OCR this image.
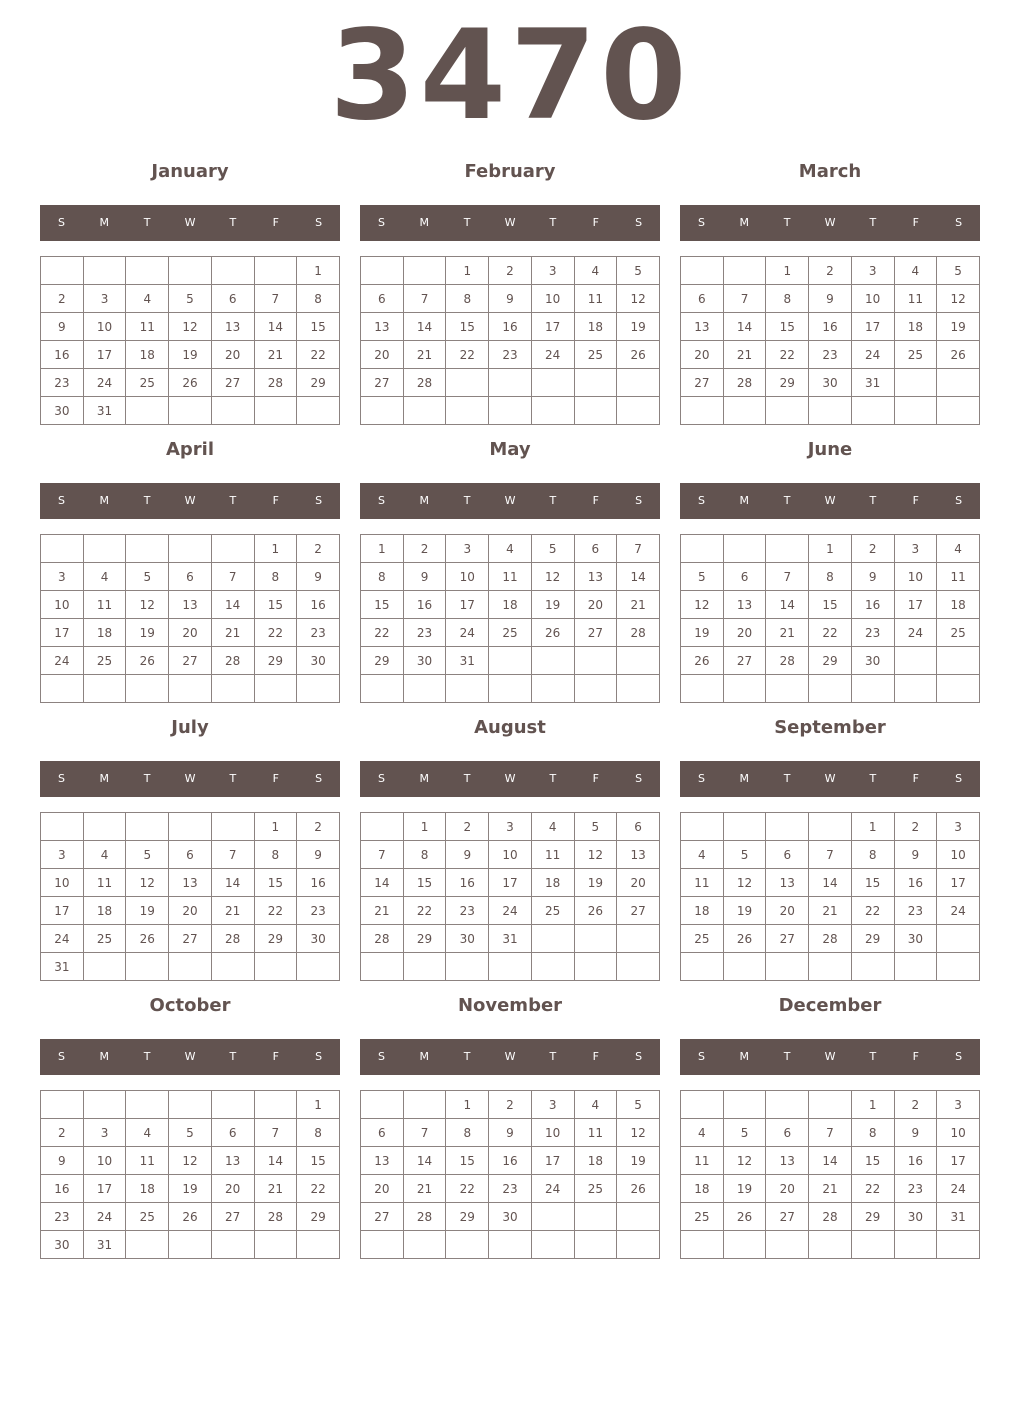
3470
January
S	M	T	W	T	F	S
						1
2	3	4	5	6	7	8
9	10	11	12	13	14	15
16	17	18	19	20	21	22
23	24	25	26	27	28	29
30	31					
February
S	M	T	W	T	F	S
		1	2	3	4	5
6	7	8	9	10	11	12
13	14	15	16	17	18	19
20	21	22	23	24	25	26
27	28					

March
S	M	T	W	T	F	S
		1	2	3	4	5
6	7	8	9	10	11	12
13	14	15	16	17	18	19
20	21	22	23	24	25	26
27	28	29	30	31		

April
S	M	T	W	T	F	S
					1	2
3	4	5	6	7	8	9
10	11	12	13	14	15	16
17	18	19	20	21	22	23
24	25	26	27	28	29	30

May
S	M	T	W	T	F	S
1	2	3	4	5	6	7
8	9	10	11	12	13	14
15	16	17	18	19	20	21
22	23	24	25	26	27	28
29	30	31				

June
S	M	T	W	T	F	S
			1	2	3	4
5	6	7	8	9	10	11
12	13	14	15	16	17	18
19	20	21	22	23	24	25
26	27	28	29	30		

July
S	M	T	W	T	F	S
					1	2
3	4	5	6	7	8	9
10	11	12	13	14	15	16
17	18	19	20	21	22	23
24	25	26	27	28	29	30
31						
August
S	M	T	W	T	F	S
	1	2	3	4	5	6
7	8	9	10	11	12	13
14	15	16	17	18	19	20
21	22	23	24	25	26	27
28	29	30	31			

September
S	M	T	W	T	F	S
				1	2	3
4	5	6	7	8	9	10
11	12	13	14	15	16	17
18	19	20	21	22	23	24
25	26	27	28	29	30	

October
S	M	T	W	T	F	S
						1
2	3	4	5	6	7	8
9	10	11	12	13	14	15
16	17	18	19	20	21	22
23	24	25	26	27	28	29
30	31					
November
S	M	T	W	T	F	S
		1	2	3	4	5
6	7	8	9	10	11	12
13	14	15	16	17	18	19
20	21	22	23	24	25	26
27	28	29	30			

December
S	M	T	W	T	F	S
				1	2	3
4	5	6	7	8	9	10
11	12	13	14	15	16	17
18	19	20	21	22	23	24
25	26	27	28	29	30	31
